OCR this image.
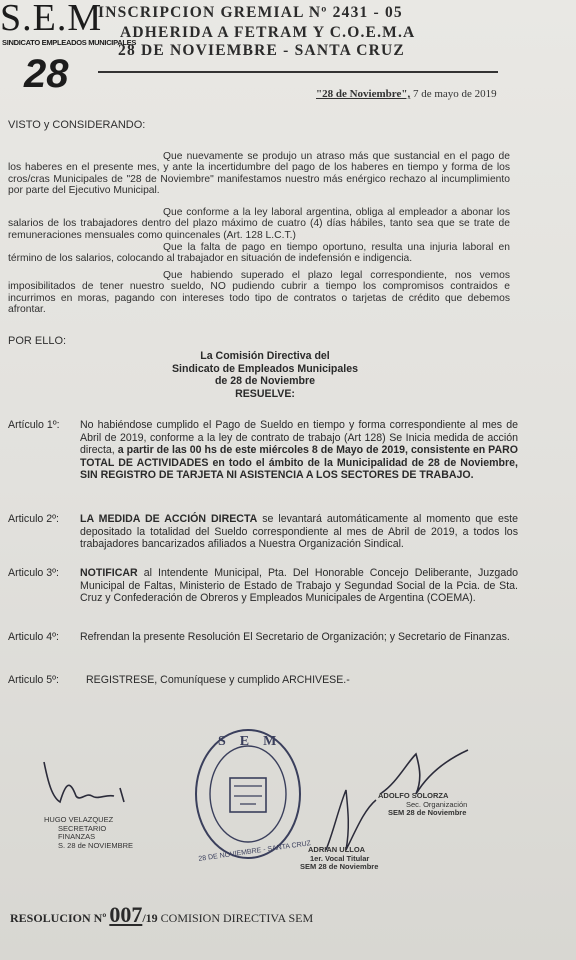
S.E.M
SINDICATO EMPLEADOS MUNICIPALES
28
INSCRIPCION GREMIAL Nº 2431 - 05
ADHERIDA A FETRAM Y C.O.E.M.A
28 DE NOVIEMBRE - SANTA CRUZ
"28 de Noviembre", 7 de mayo de 2019
VISTO y CONSIDERANDO:
Que nuevamente se produjo un atraso más que sustancial en el pago de los haberes en el presente mes, y ante la incertidumbre del pago de los haberes en tiempo y forma de los cros/cras Municipales de "28 de Noviembre" manifestamos nuestro más enérgico rechazo al incumplimiento por parte del Ejecutivo Municipal.
Que conforme a la ley laboral argentina, obliga al empleador a abonar los salarios de los trabajadores dentro del plazo máximo de cuatro (4) días hábiles, tanto sea que se trate de remuneraciones mensuales como quincenales (Art. 128 L.C.T.)
Que la falta de pago en tiempo oportuno, resulta una injuria laboral en término de los salarios, colocando al trabajador en situación de indefensión e indigencia.
Que habiendo superado el plazo legal correspondiente, nos vemos imposibilitados de tener nuestro sueldo, NO pudiendo cubrir a tiempo los compromisos contraidos e incurrimos en moras, pagando con intereses todo tipo de contratos o tarjetas de crédito que debemos afrontar.
POR ELLO:
La Comisión Directiva del
Sindicato de Empleados Municipales
de 28 de Noviembre
RESUELVE:
Artículo 1º: No habiéndose cumplido el Pago de Sueldo en tiempo y forma correspondiente al mes de Abril de 2019, conforme a la ley de contrato de trabajo (Art 128) Se Inicia medida de acción directa, a partir de las 00 hs de este miércoles 8 de Mayo de 2019, consistente en PARO TOTAL DE ACTIVIDADES en todo el ámbito de la Municipalidad de 28 de Noviembre, SIN REGISTRO DE TARJETA NI ASISTENCIA A LOS SECTORES DE TRABAJO.
Articulo 2º: LA MEDIDA DE ACCIÓN DIRECTA se levantará automáticamente al momento que este depositado la totalidad del Sueldo correspondiente al mes de Abril de 2019, a todos los trabajadores bancarizados afiliados a Nuestra Organización Sindical.
Articulo 3º: NOTIFICAR al Intendente Municipal, Pta. Del Honorable Concejo Deliberante, Juzgado Municipal de Faltas, Ministerio de Estado de Trabajo y Segundad Social de la Pcia. de Sta. Cruz y Confederación de Obreros y Empleados Municipales de Argentina (COEMA).
Articulo 4º: Refrendan la presente Resolución El Secretario de Organización; y Secretario de Finanzas.
Articulo 5º:	REGISTRESE, Comuníquese y cumplido ARCHIVESE.-
HUGO VELAZQUEZ
SECRETARIO FINANZAS
S. 28 de NOVIEMBRE
SEM
28 DE NOVIEMBRE - SANTA CRUZ
ADOLFO SOLORZA
Sec. Organización
SEM 28 de Noviembre
ADRIAN ULLOA
1er. Vocal Titular
SEM 28 de Noviembre
RESOLUCION Nº 007/19 COMISION DIRECTIVA SEM
